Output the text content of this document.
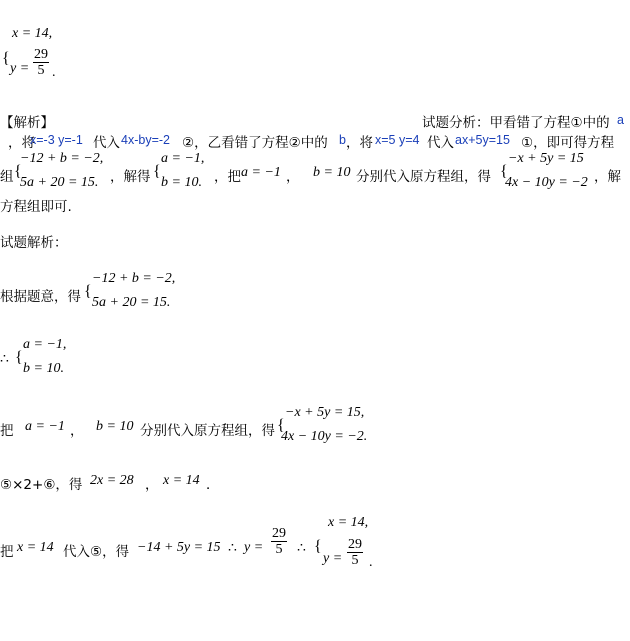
x = 14,
{
$y = \frac{29}{5}$ .
【解析】	试题分析：甲看错了方程①中的 a
，将
x=-3 y=-1 代入 4x-by=-2 ②，乙看错了方程②中的 b ，将 x=5 y=4 代入 ax+5y=15 ①，即可得方程
组 {
−12 + b = −2,
5a + 20 = 15. ，解得 {
a = −1,
b = 10. ，把 a = −1 ， b = 10 分别代入原方程组，得 {
−x + 5y = 15
4x − 10y = −2 ，解
方程组即可.
试题解析：
根据题意，得 {
−12 + b = −2,
5a + 20 = 15.
∴ {
a = −1,
b = 10.
把 a = −1 ， b = 10 分别代入原方程组，得 {
−x + 5y = 15,
4x − 10y = −2.
⑤×2+⑥，得 2x = 28 ， x = 14 ．
把 x = 14 代入⑤，得 −14 + 5y = 15 ∴ $y = \frac{29}{5}$ ∴ {
x = 14,
$y = \frac{29}{5}$ .
